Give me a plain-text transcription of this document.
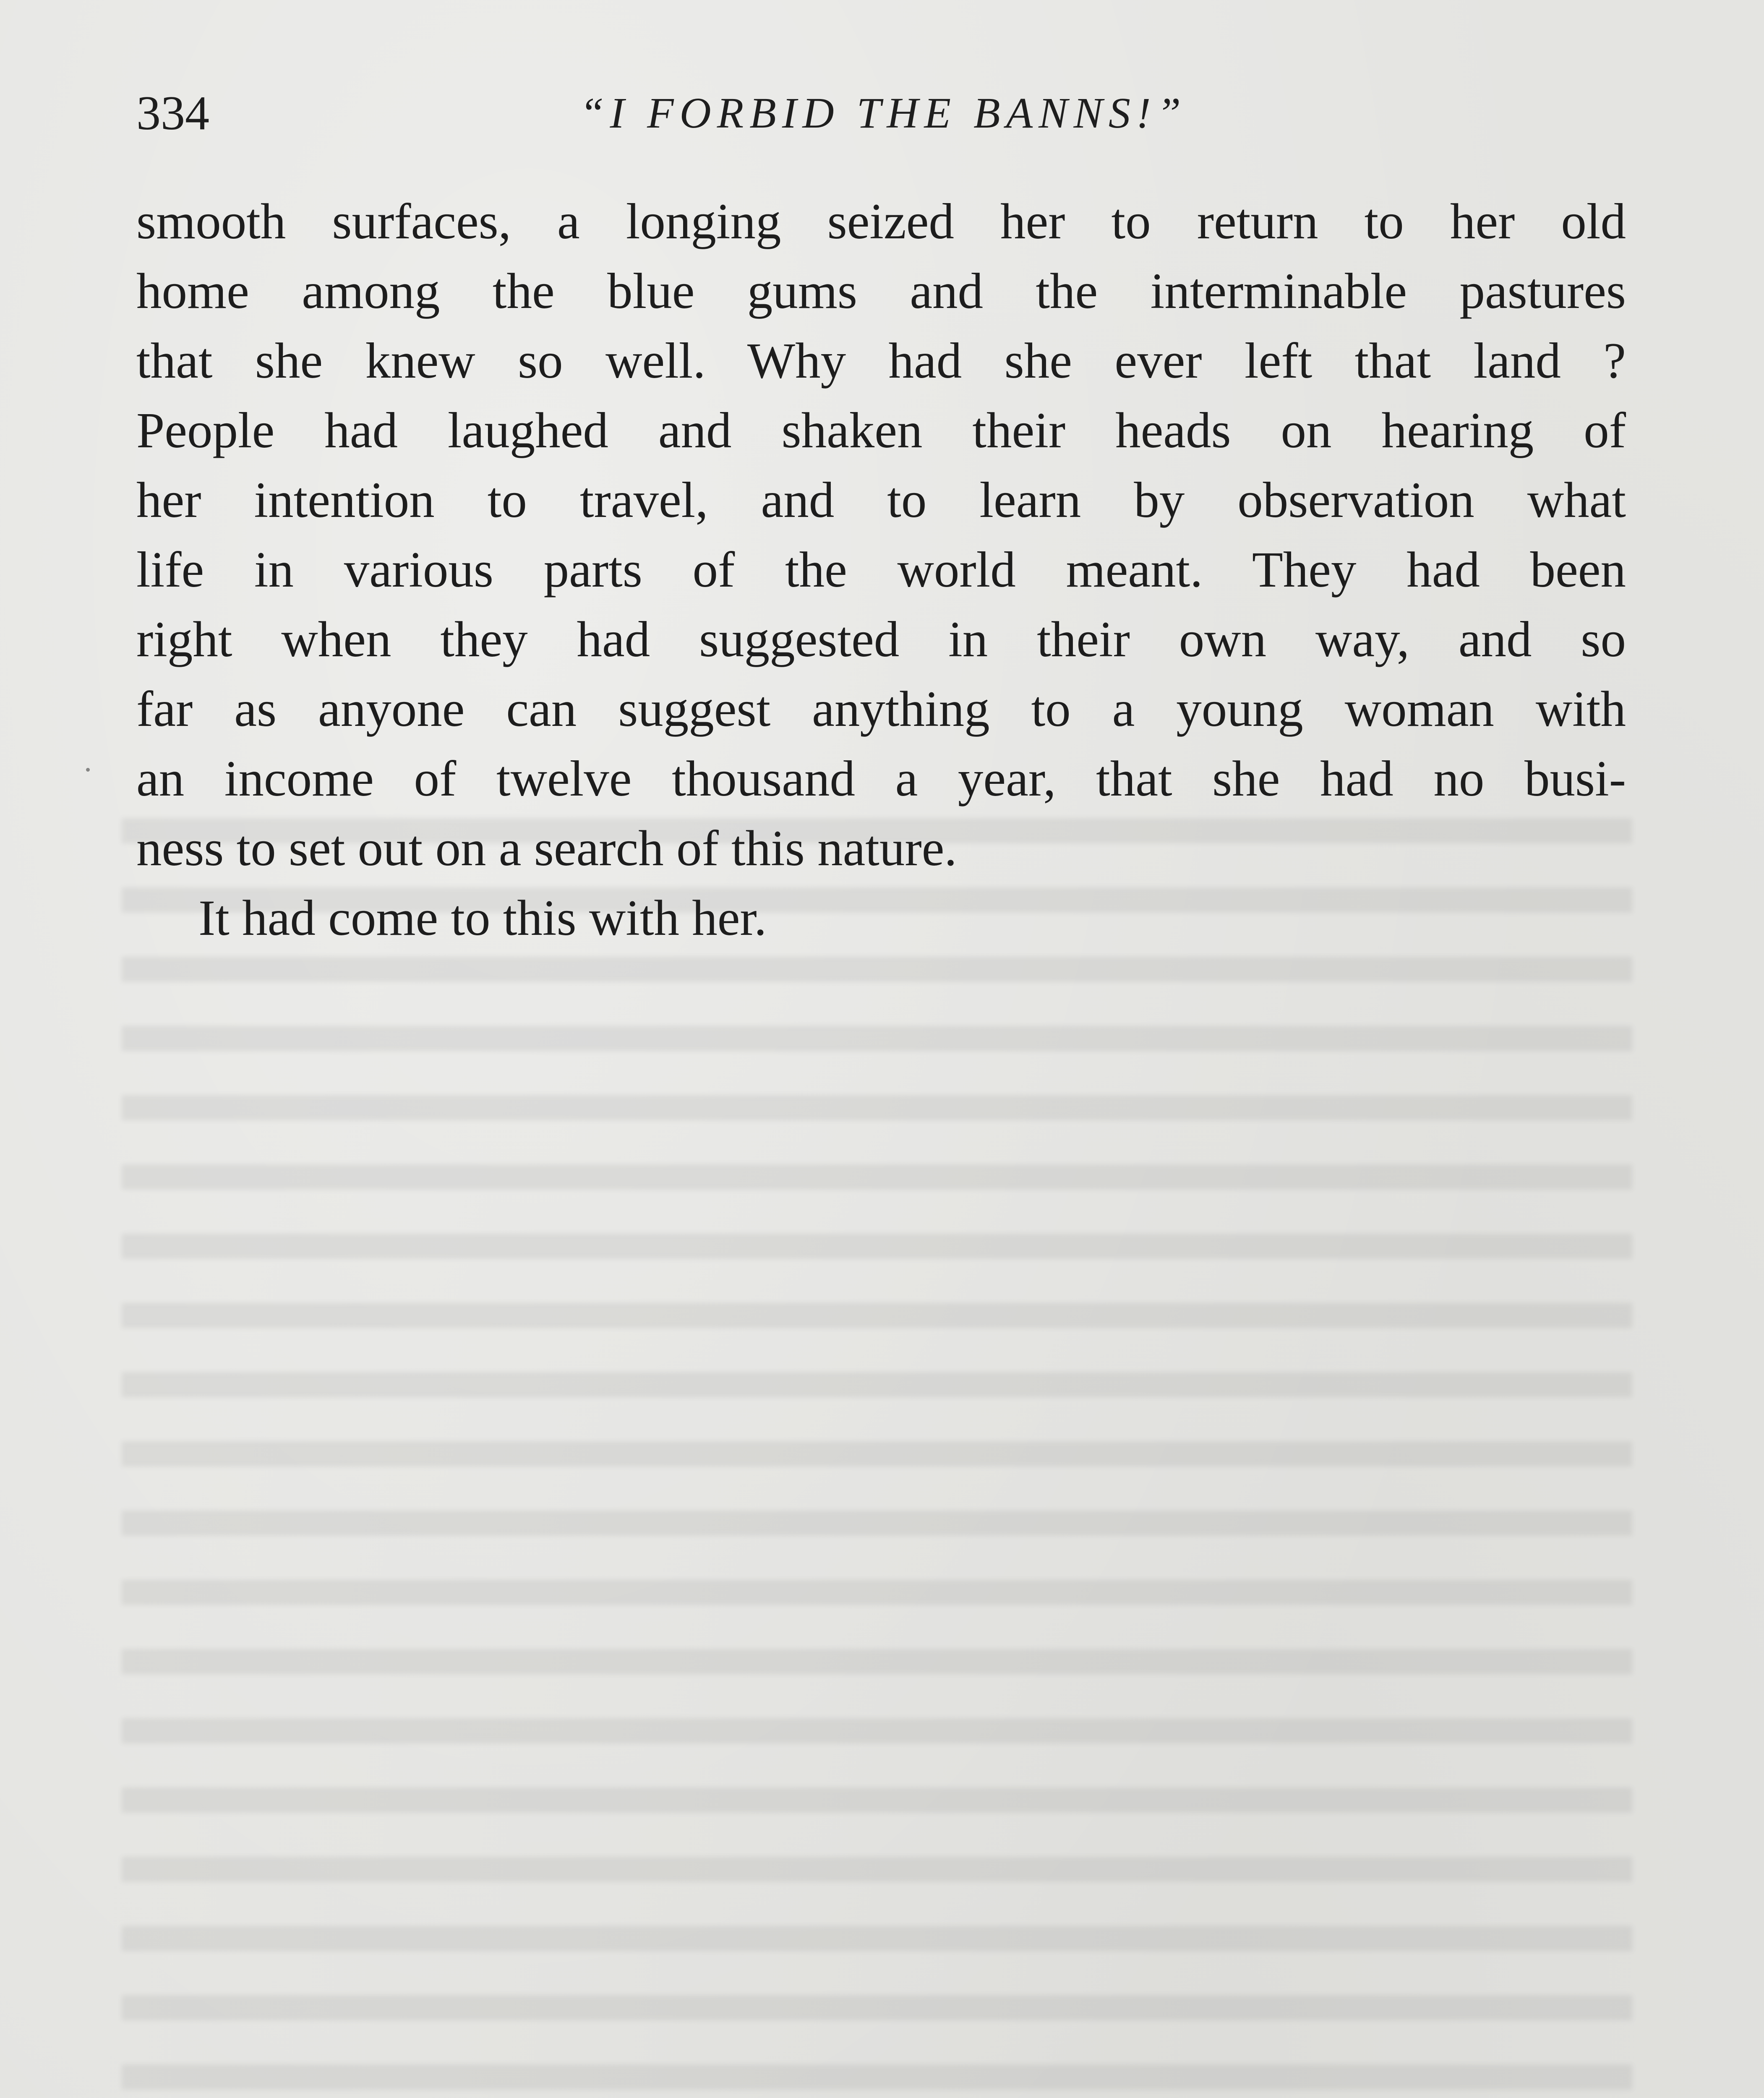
334	“I FORBID THE BANNS!”
smooth surfaces, a longing seized her to return to her old
home among the blue gums and the interminable pastures
that she knew so well. Why had she ever left that land ?
People had laughed and shaken their heads on hearing of
her intention to travel, and to learn by observation what
life in various parts of the world meant. They had been
right when they had suggested in their own way, and so
far as anyone can suggest anything to a young woman with
an income of twelve thousand a year, that she had no busi-
ness to set out on a search of this nature.
It had come to this with her.
